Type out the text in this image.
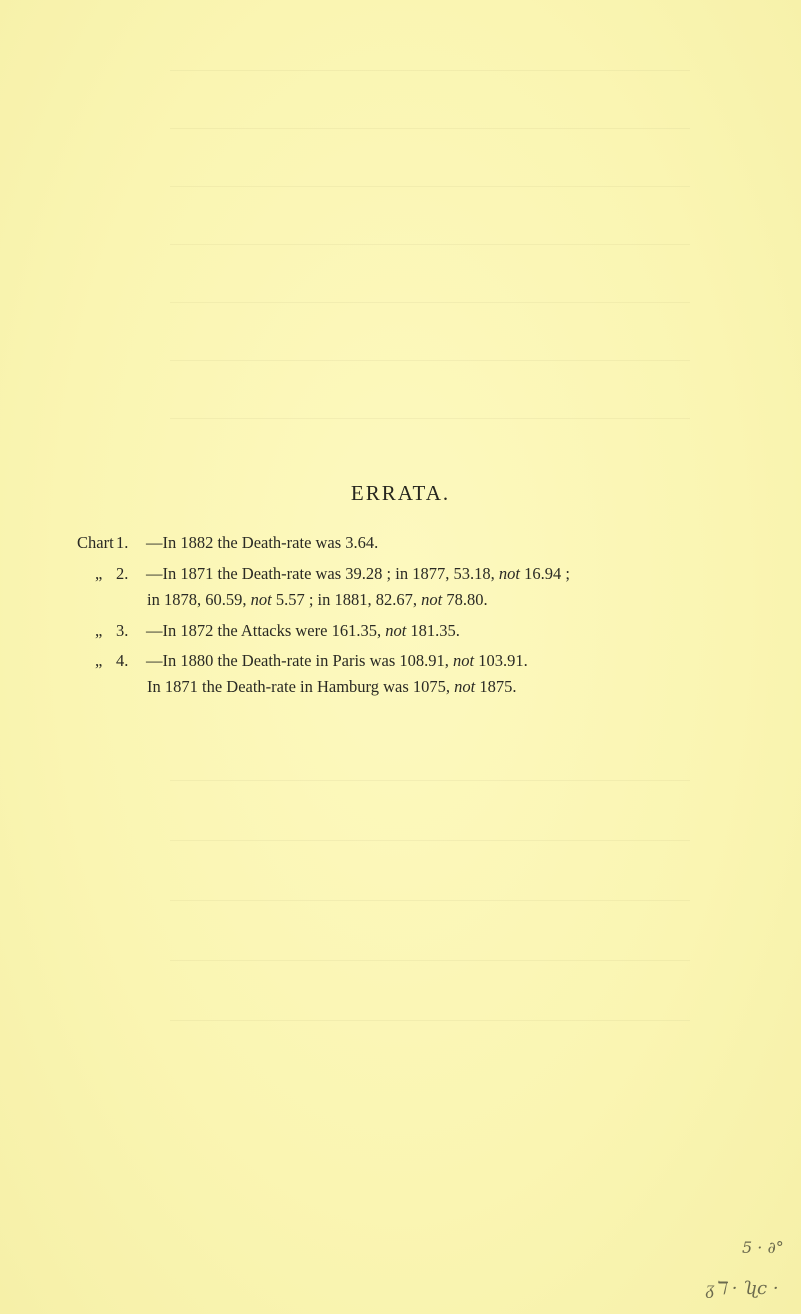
ERRATA.
Chart 1. —In 1882 the Death-rate was 3.64.
„ 2. —In 1871 the Death-rate was 39.28 ; in 1877, 53.18, not 16.94 ;
in 1878, 60.59, not 5.57 ; in 1881, 82.67, not 78.80.
„ 3. —In 1872 the Attacks were 161.35, not 181.35.
„ 4. —In 1880 the Death-rate in Paris was 108.91, not 103.91.
In 1871 the Death-rate in Hamburg was 1075, not 1875.
5 · ∂°
ᵹℸ · ʯc ·
